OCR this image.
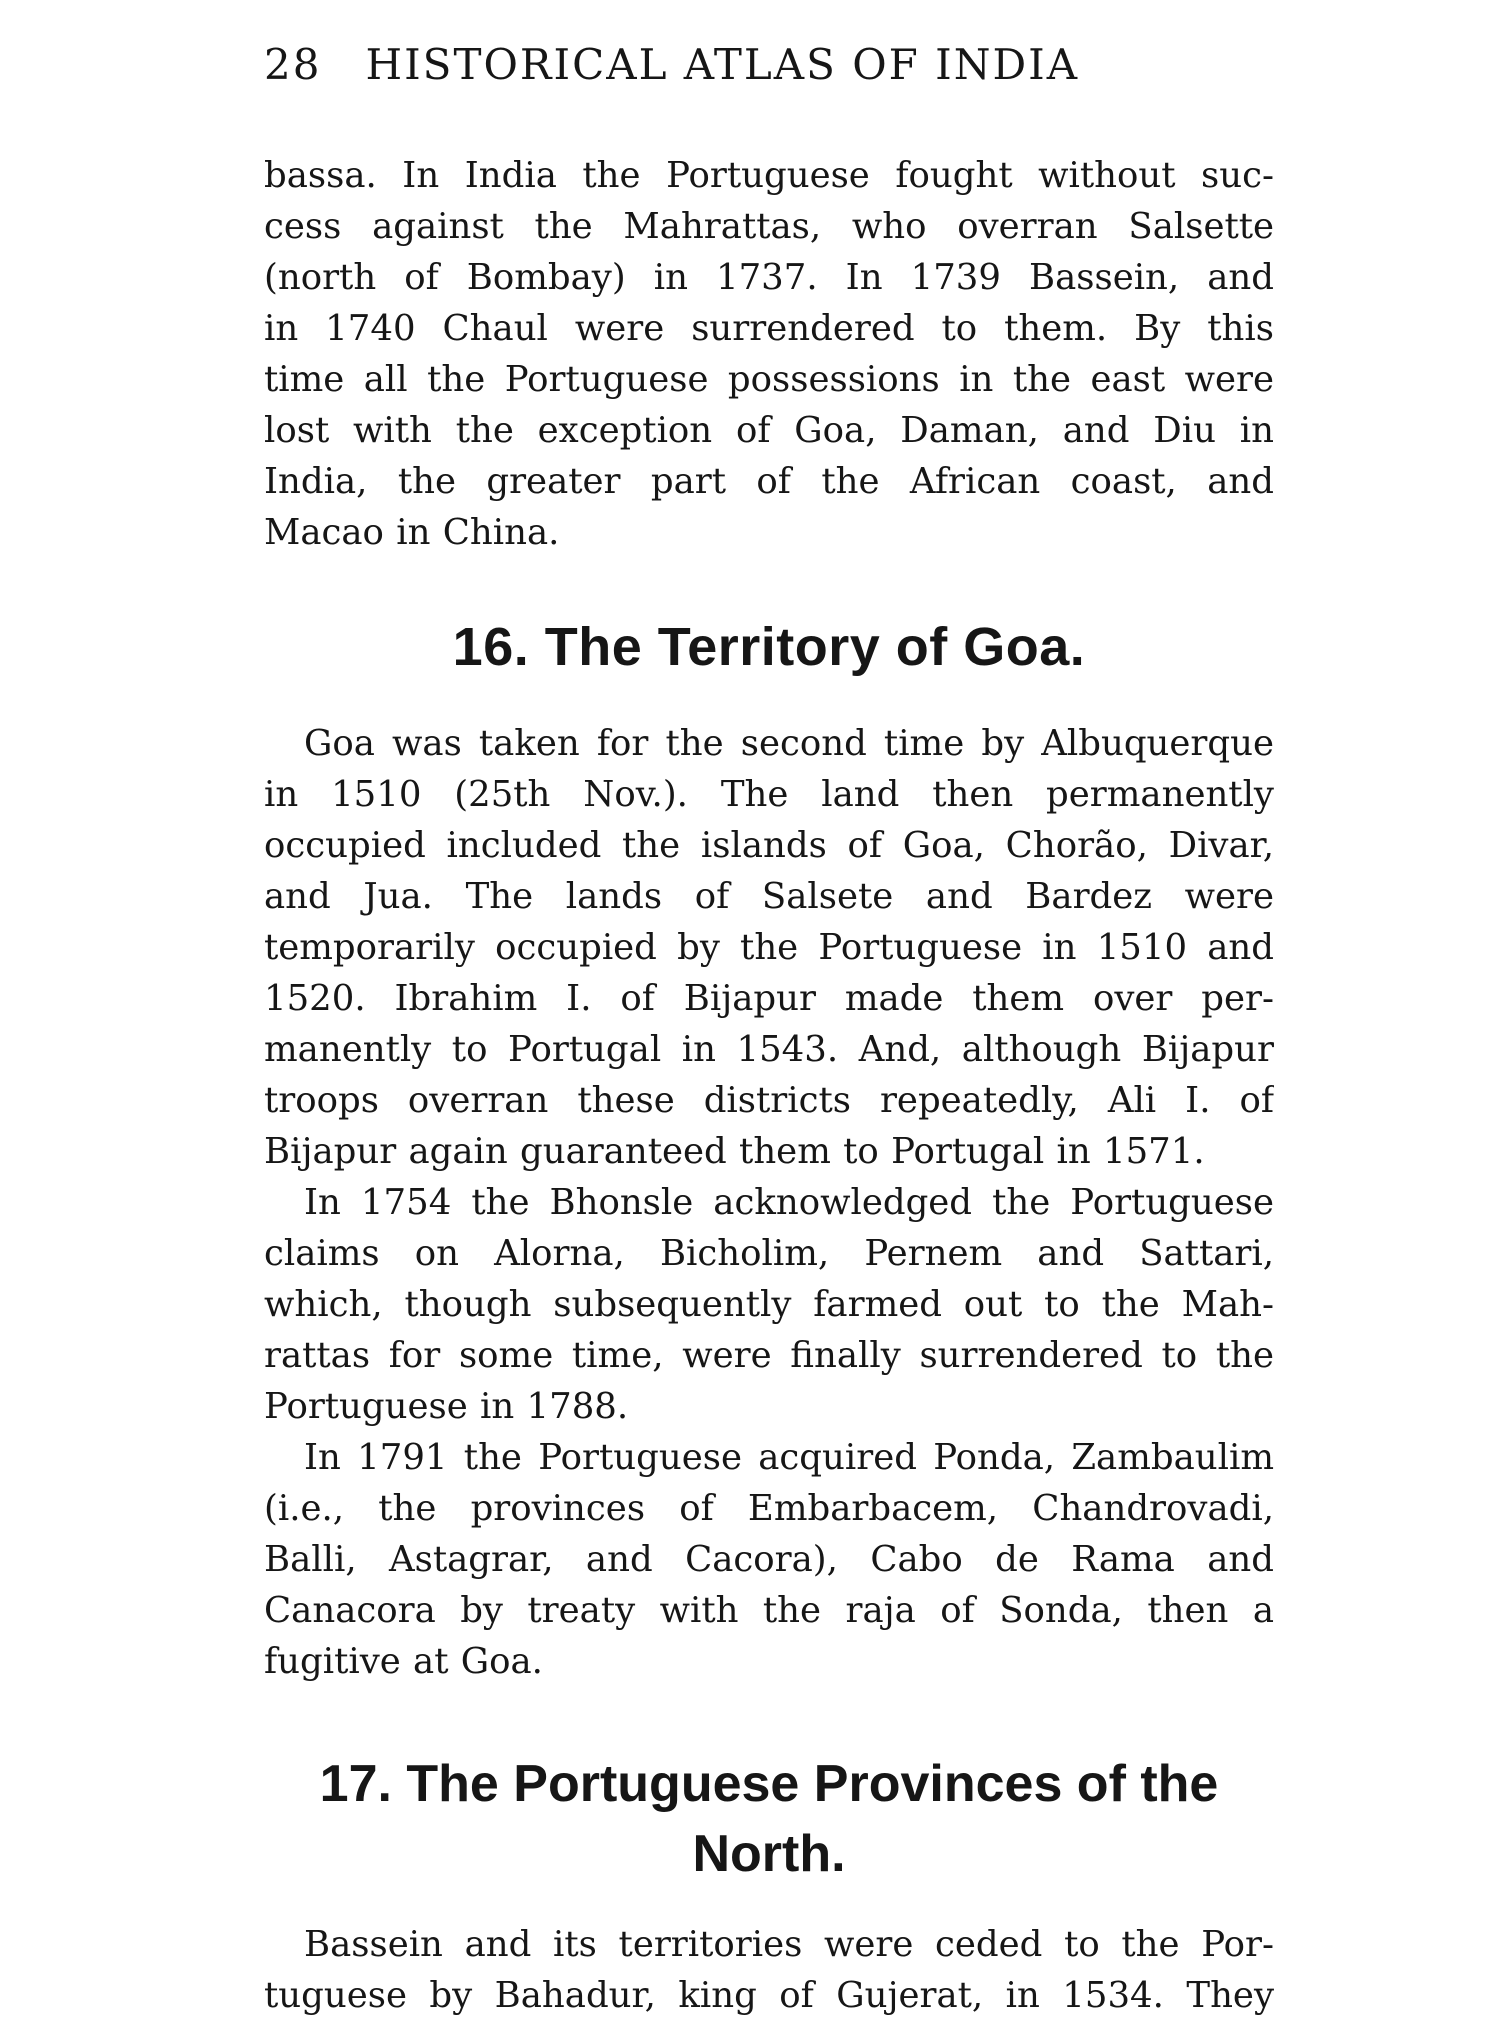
28 HISTORICAL ATLAS OF INDIA
bassa. In India the Portuguese fought without suc-
cess against the Mahrattas, who overran Salsette
(north of Bombay) in 1737. In 1739 Bassein, and
in 1740 Chaul were surrendered to them. By this
time all the Portuguese possessions in the east were
lost with the exception of Goa, Daman, and Diu in
India, the greater part of the African coast, and
Macao in China.
16. The Territory of Goa.
Goa was taken for the second time by Albuquerque
in 1510 (25th Nov.). The land then permanently
occupied included the islands of Goa, Chorão, Divar,
and Jua. The lands of Salsete and Bardez were
temporarily occupied by the Portuguese in 1510 and
1520. Ibrahim I. of Bijapur made them over per-
manently to Portugal in 1543. And, although Bijapur
troops overran these districts repeatedly, Ali I. of
Bijapur again guaranteed them to Portugal in 1571.
In 1754 the Bhonsle acknowledged the Portuguese
claims on Alorna, Bicholim, Pernem and Sattari,
which, though subsequently farmed out to the Mah-
rattas for some time, were finally surrendered to the
Portuguese in 1788.
In 1791 the Portuguese acquired Ponda, Zambaulim
(i.e., the provinces of Embarbacem, Chandrovadi,
Balli, Astagrar, and Cacora), Cabo de Rama and
Canacora by treaty with the raja of Sonda, then a
fugitive at Goa.
17. The Portuguese Provinces of the North.
Bassein and its territories were ceded to the Por-
tuguese by Bahadur, king of Gujerat, in 1534. They
